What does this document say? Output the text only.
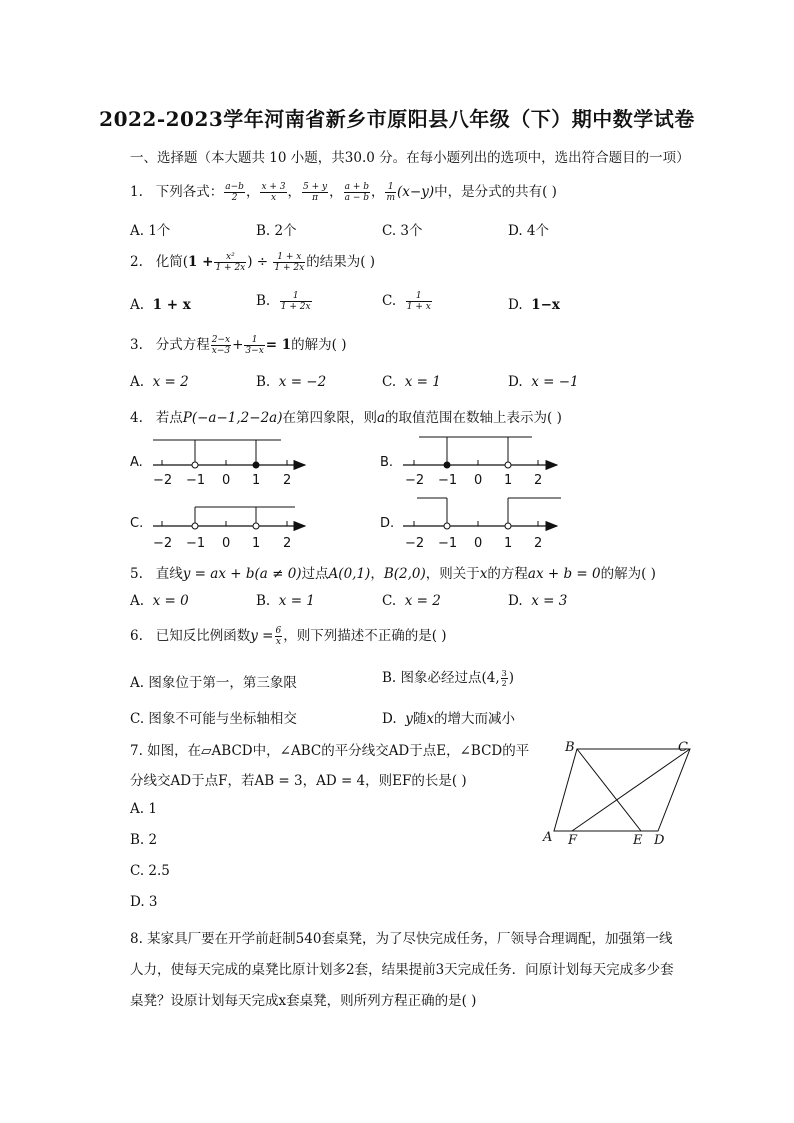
2022-2023学年河南省新乡市原阳县八年级（下）期中数学试卷
一、选择题（本大题共 10 小题，共30.0 分。在每小题列出的选项中，选出符合题目的一项）
1. 下列各式： $\frac{a-b}{2}$ ， $\frac{x + 3}{x}$ ， $\frac{5 + y}{\pi}$ ， $\frac{a + b}{a - b}$ ， $\frac{1}{m} (x-y)$中，是分式的共有( )
A. 1个	B. 2个	C. 3个	D. 4个
2. 化简($1 + \frac{\text{x²}}{1 + 2x}$ ) ÷ $\frac{1 + x}{1 + 2x}$ 的结果为( )
A.  1 + x	B. $\frac{1}{1 + 2x}$	C. $\frac{1}{1 + x}$	D.  1−x
3. 分式方程 $\frac{2-x}{x-3} + \frac{1}{3-x} = 1$的解为( )
A.  x = 2	B.  x = −2	C.  x = 1	D.  x = −1
4. 若点P(−a−1,2−2a)在第四象限，则a的取值范围在数轴上表示为( )
A.
−2 −1 0 1 2
B.
−2 −1 0 1 2
C.
−2 −1 0 1 2
D.
−2 −1 0 1 2
5. 直线y = ax + b(a ≠ 0)过点A(0,1)，B(2,0)，则关于x的方程ax + b = 0的解为( )
A.  x = 0	B.  x = 1	C.  x = 2	D.  x = 3
6. 已知反比例函数$y = \frac{6}{x}$ ，则下列描述不正确的是( )
A. 图象位于第一，第三象限	B. 图象必经过点(4, $\frac{3}{2}$ )
C. 图象不可能与坐标轴相交	D. y随x的增大而减小
7. 如图，在▱ABCD中，∠ABC的平分线交AD于点E，∠BCD的平
分线交AD于点F，若AB = 3，AD = 4，则EF的长是( )
A. 1
B. 2
C. 2.5
D. 3
B	C
A F	E D
8. 某家具厂要在开学前赶制540套桌凳，为了尽快完成任务，厂领导合理调配，加强第一线
人力，使每天完成的桌凳比原计划多2套，结果提前3天完成任务．问原计划每天完成多少套
桌凳？设原计划每天完成x套桌凳，则所列方程正确的是( )
